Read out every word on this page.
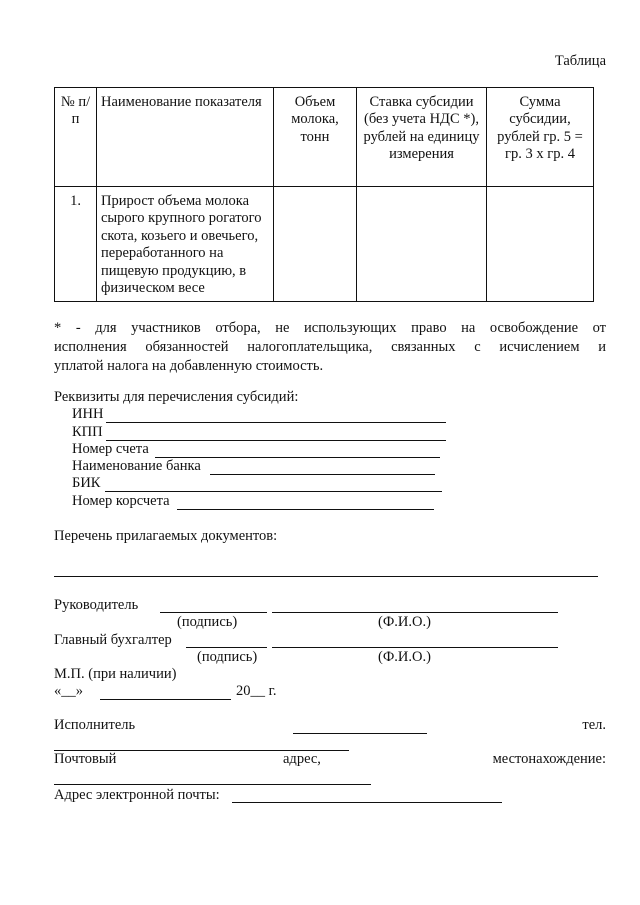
Таблица
№ п/п	Наименование показателя	Объем молока, тонн	Ставка субсидии (без учета НДС *), рублей на единицу измерения	Сумма субсидии, рублей гр. 5 = гр. 3 x гр. 4
1.	Прирост объема молока сырого крупного рогатого скота, козьего и овечьего, переработанного на пищевую продукцию, в физическом весе			
* - для участников отбора, не использующих право на освобождение от
исполнения обязанностей налогоплательщика, связанных с исчислением и
уплатой налога на добавленную стоимость.
Реквизиты для перечисления субсидий:
ИНН
КПП
Номер счета
Наименование банка
БИК
Номер корсчета
Перечень прилагаемых документов:
Руководитель
(подпись)	(Ф.И.О.)
Главный бухгалтер
(подпись)	(Ф.И.О.)
М.П. (при наличии)
«__»	20__ г.
Исполнитель	тел.
Почтовый	адрес,	местонахождение:
Адрес электронной почты:
